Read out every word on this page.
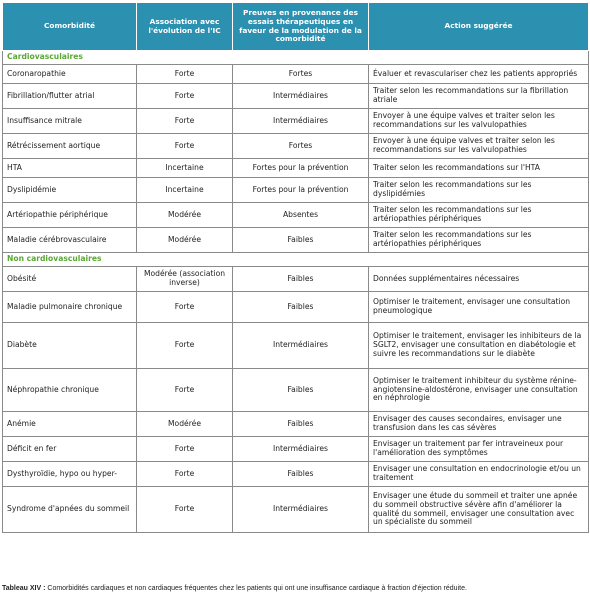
Comorbidité	Association avec l'évolution de l'IC	Preuves en provenance des essais thérapeutiques en faveur de la modulation de la comorbidité	Action suggérée
Cardiovasculaires			
Coronaropathie	Forte	Fortes	Évaluer et revasculariser chez les patients appropriés
Fibrillation/flutter atrial	Forte	Intermédiaires	Traiter selon les recommandations sur la fibrillation atriale
Insuffisance mitrale	Forte	Intermédiaires	Envoyer à une équipe valves et traiter selon les recommandations sur les valvulopathies
Rétrécissement aortique	Forte	Fortes	Envoyer à une équipe valves et traiter selon les recommandations sur les valvulopathies
HTA	Incertaine	Fortes pour la prévention	Traiter selon les recommandations sur l'HTA
Dyslipidémie	Incertaine	Fortes pour la prévention	Traiter selon les recommandations sur les dyslipidémies
Artériopathie périphérique	Modérée	Absentes	Traiter selon les recommandations sur les artériopathies périphériques
Maladie cérébrovasculaire	Modérée	Faibles	Traiter selon les recommandations sur les artériopathies périphériques
Non cardiovasculaires			
Obésité	Modérée (association inverse)	Faibles	Données supplémentaires nécessaires
Maladie pulmonaire chronique	Forte	Faibles	Optimiser le traitement, envisager une consultation pneumologique
Diabète	Forte	Intermédiaires	Optimiser le traitement, envisager les inhibiteurs de la SGLT2, envisager une consultation en diabétologie et suivre les recommandations sur le diabète
Néphropathie chronique	Forte	Faibles	Optimiser le traitement inhibiteur du système rénine-angiotensine-aldostérone, envisager une consultation en néphrologie
Anémie	Modérée	Faibles	Envisager des causes secondaires, envisager une transfusion dans les cas sévères
Déficit en fer	Forte	Intermédiaires	Envisager un traitement par fer intraveineux pour l'amélioration des symptômes
Dysthyroïdie, hypo ou hyper-	Forte	Faibles	Envisager une consultation en endocrinologie et/ou un traitement
Syndrome d'apnées du sommeil	Forte	Intermédiaires	Envisager une étude du sommeil et traiter une apnée du sommeil obstructive sévère afin d'améliorer la qualité du sommeil, envisager une consultation avec un spécialiste du sommeil
Tableau XIV : Comorbidités cardiaques et non cardiaques fréquentes chez les patients qui ont une insuffisance cardiaque à fraction d'éjection réduite.
